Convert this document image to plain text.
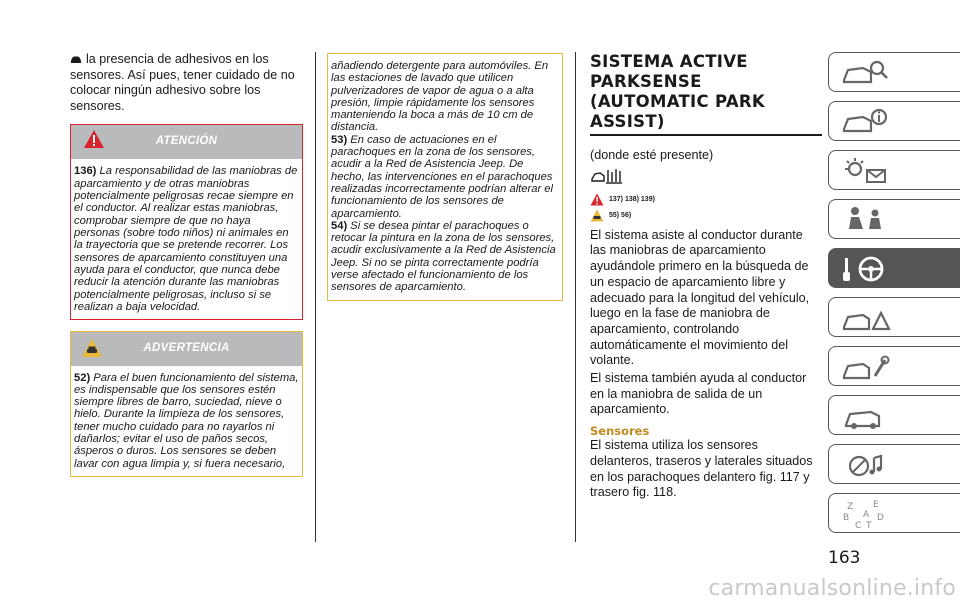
la presencia de adhesivos en los sensores. Así pues, tener cuidado de no colocar ningún adhesivo sobre los sensores.

ATENCIÓN
136) La responsabilidad de las maniobras de aparcamiento y de otras maniobras potencialmente peligrosas recae siempre en el conductor. Al realizar estas maniobras, comprobar siempre de que no haya personas (sobre todo niños) ni animales en la trayectoria que se pretende recorrer. Los sensores de aparcamiento constituyen una ayuda para el conductor, que nunca debe reducir la atención durante las maniobras potencialmente peligrosas, incluso si se realizan a baja velocidad.
ADVERTENCIA
52) Para el buen funcionamiento del sistema, es indispensable que los sensores estén siempre libres de barro, suciedad, nieve o hielo. Durante la limpieza de los sensores, tener mucho cuidado para no rayarlos ni dañarlos; evitar el uso de paños secos, ásperos o duros. Los sensores se deben lavar con agua limpia y, si fuera necesario,
añadiendo detergente para automóviles. En las estaciones de lavado que utilicen pulverizadores de vapor de agua o a alta presión, limpie rápidamente los sensores manteniendo la boca a más de 10 cm de distancia.
53) En caso de actuaciones en el parachoques en la zona de los sensores, acudir a la Red de Asistencia Jeep. De hecho, las intervenciones en el parachoques realizadas incorrectamente podrían alterar el funcionamiento de los sensores de aparcamiento.
54) Si se desea pintar el parachoques o retocar la pintura en la zona de los sensores, acudir exclusivamente a la Red de Asistencia Jeep. Si no se pinta correctamente podría verse afectado el funcionamiento de los sensores de aparcamiento.
SISTEMA ACTIVE PARKSENSE (AUTOMATIC PARK ASSIST)

(donde esté presente)

137) 138) 139)
55) 56)

El sistema asiste al conductor durante las maniobras de aparcamiento ayudándole primero en la búsqueda de un espacio de aparcamiento libre y adecuado para la longitud del vehículo, luego en la fase de maniobra de aparcamiento, controlando automáticamente el movimiento del volante.

El sistema también ayuda al conductor en la maniobra de salida de un aparcamiento.

Sensores

El sistema utiliza los sensores delanteros, traseros y laterales situados en los parachoques delantero fig. 117 y trasero fig. 118.

Z E
B	D
C T
A
163
carmanualsonline.info
